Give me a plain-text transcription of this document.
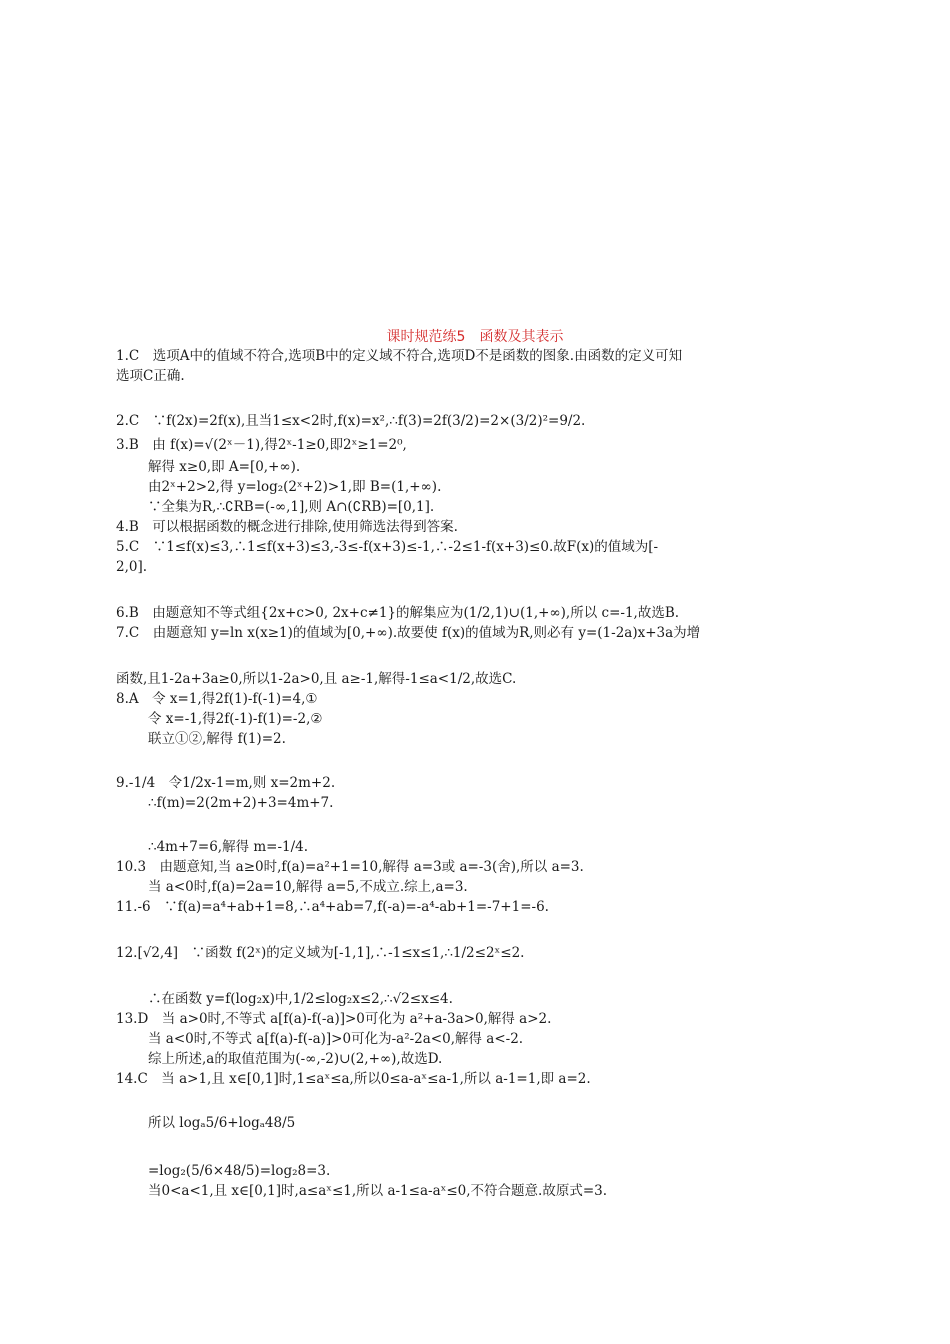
课时规范练5　函数及其表示
1.C　选项A中的值域不符合,选项B中的定义域不符合,选项D不是函数的图象.由函数的定义可知
选项C正确.
2.C　∵f(2x)=2f(x),且当1≤x<2时,f(x)=x²,∴f(3)=2f(3/2)=2×(3/2)²=9/2.
3.B　由 f(x)=√(2ˣ－1),得2ˣ-1≥0,即2ˣ≥1=2⁰,
解得 x≥0,即 A=[0,+∞).
由2ˣ+2>2,得 y=log₂(2ˣ+2)>1,即 B=(1,+∞).
∵全集为R,∴∁RB=(-∞,1],则 A∩(∁RB)=[0,1].
4.B　可以根据函数的概念进行排除,使用筛选法得到答案.
5.C　∵1≤f(x)≤3,∴1≤f(x+3)≤3,-3≤-f(x+3)≤-1,∴-2≤1-f(x+3)≤0.故F(x)的值域为[-
2,0].
6.B　由题意知不等式组{2x+c>0, 2x+c≠1}的解集应为(1/2,1)∪(1,+∞),所以 c=-1,故选B.
7.C　由题意知 y=ln x(x≥1)的值域为[0,+∞).故要使 f(x)的值域为R,则必有 y=(1-2a)x+3a为增
函数,且1-2a+3a≥0,所以1-2a>0,且 a≥-1,解得-1≤a<1/2,故选C.
8.A　令 x=1,得2f(1)-f(-1)=4,①
令 x=-1,得2f(-1)-f(1)=-2,②
联立①②,解得 f(1)=2.
9.-1/4　令1/2x-1=m,则 x=2m+2.
∴f(m)=2(2m+2)+3=4m+7.
∴4m+7=6,解得 m=-1/4.
10.3　由题意知,当 a≥0时,f(a)=a²+1=10,解得 a=3或 a=-3(舍),所以 a=3.
当 a<0时,f(a)=2a=10,解得 a=5,不成立.综上,a=3.
11.-6　∵f(a)=a⁴+ab+1=8,∴a⁴+ab=7,f(-a)=-a⁴-ab+1=-7+1=-6.
12.[√2,4]　∵函数 f(2ˣ)的定义域为[-1,1],∴-1≤x≤1,∴1/2≤2ˣ≤2.
∴在函数 y=f(log₂x)中,1/2≤log₂x≤2,∴√2≤x≤4.
13.D　当 a>0时,不等式 a[f(a)-f(-a)]>0可化为 a²+a-3a>0,解得 a>2.
当 a<0时,不等式 a[f(a)-f(-a)]>0可化为-a²-2a<0,解得 a<-2.
综上所述,a的取值范围为(-∞,-2)∪(2,+∞),故选D.
14.C　当 a>1,且 x∈[0,1]时,1≤aˣ≤a,所以0≤a-aˣ≤a-1,所以 a-1=1,即 a=2.
所以 logₐ5/6+logₐ48/5
=log₂(5/6×48/5)=log₂8=3.
当0<a<1,且 x∈[0,1]时,a≤aˣ≤1,所以 a-1≤a-aˣ≤0,不符合题意.故原式=3.
